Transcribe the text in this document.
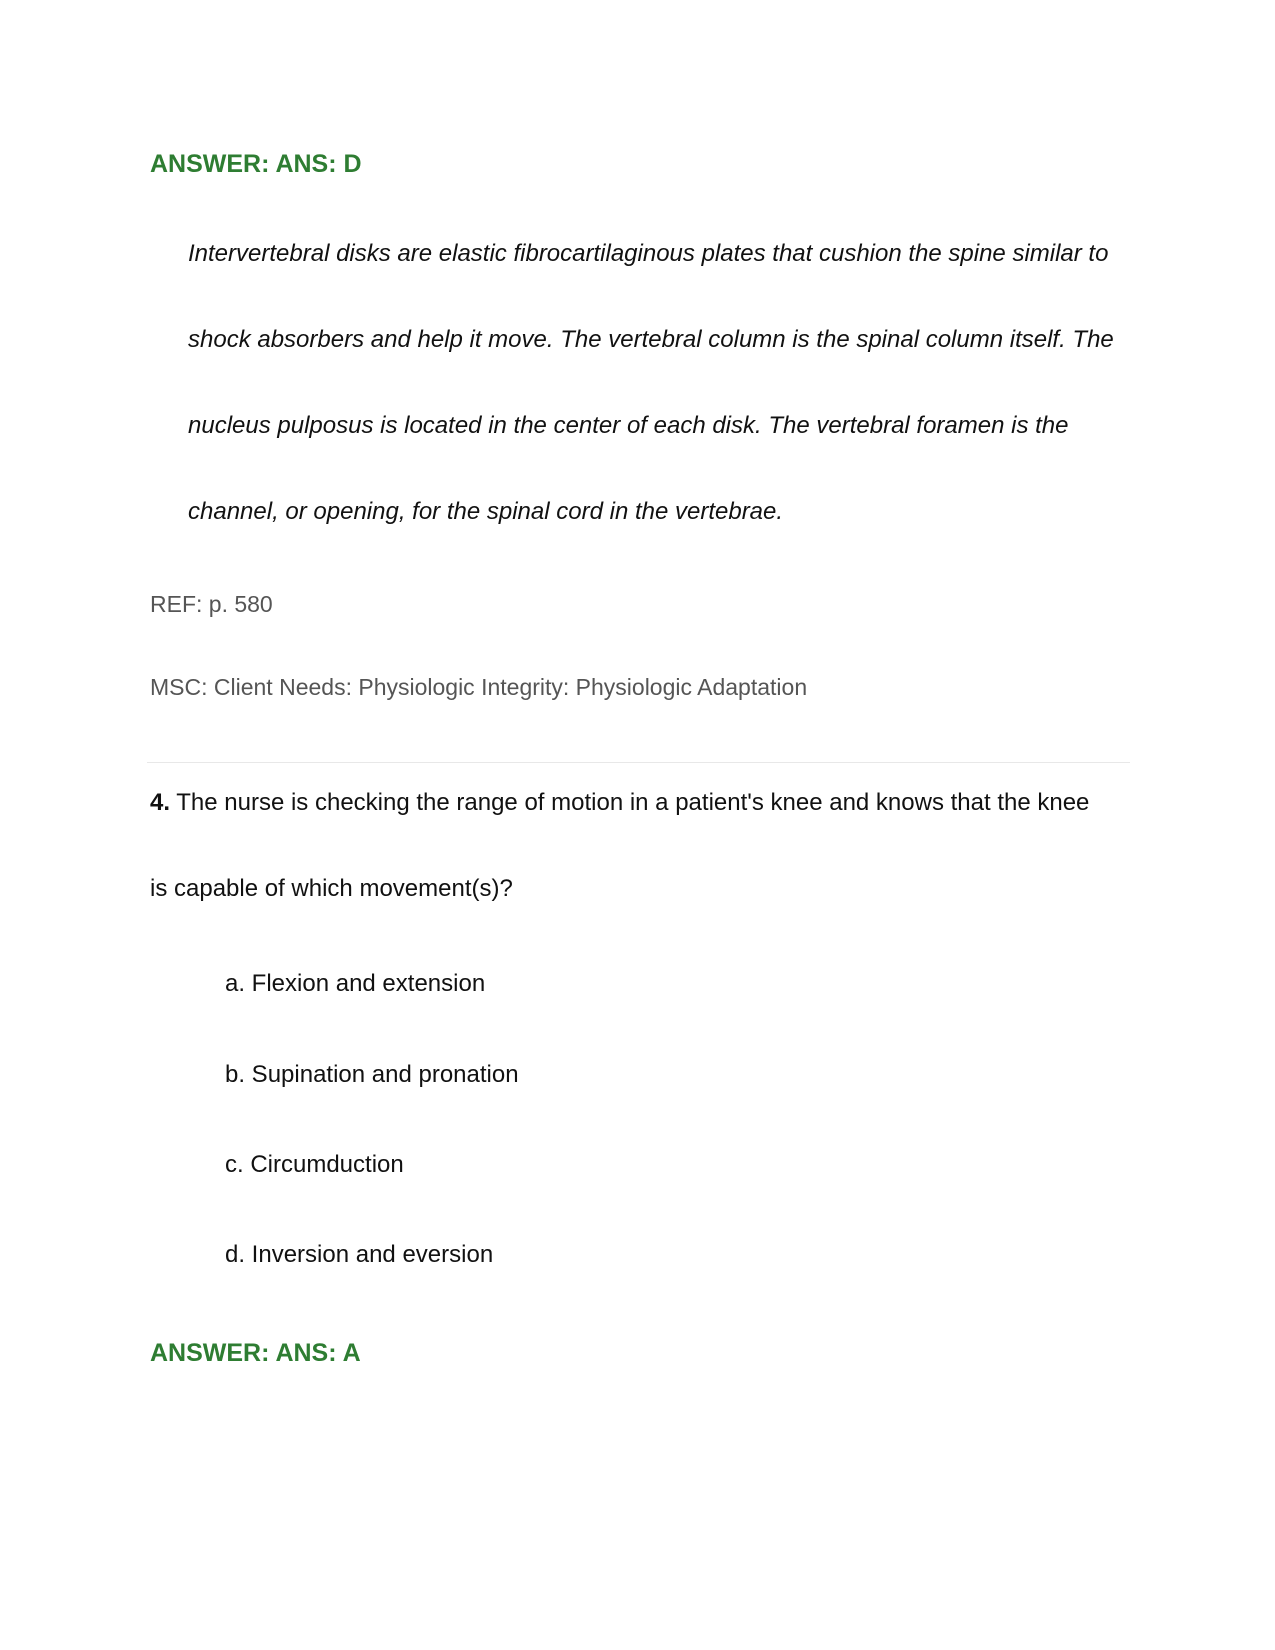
ANSWER: ANS: D

Intervertebral disks are elastic fibrocartilaginous plates that cushion the spine similar to shock absorbers and help it move. The vertebral column is the spinal column itself. The nucleus pulposus is located in the center of each disk. The vertebral foramen is the channel, or opening, for the spinal cord in the vertebrae.

REF: p. 580

MSC: Client Needs: Physiologic Integrity: Physiologic Adaptation

4. The nurse is checking the range of motion in a patient's knee and knows that the knee is capable of which movement(s)?

a. Flexion and extension

b. Supination and pronation

c. Circumduction

d. Inversion and eversion

ANSWER: ANS: A
